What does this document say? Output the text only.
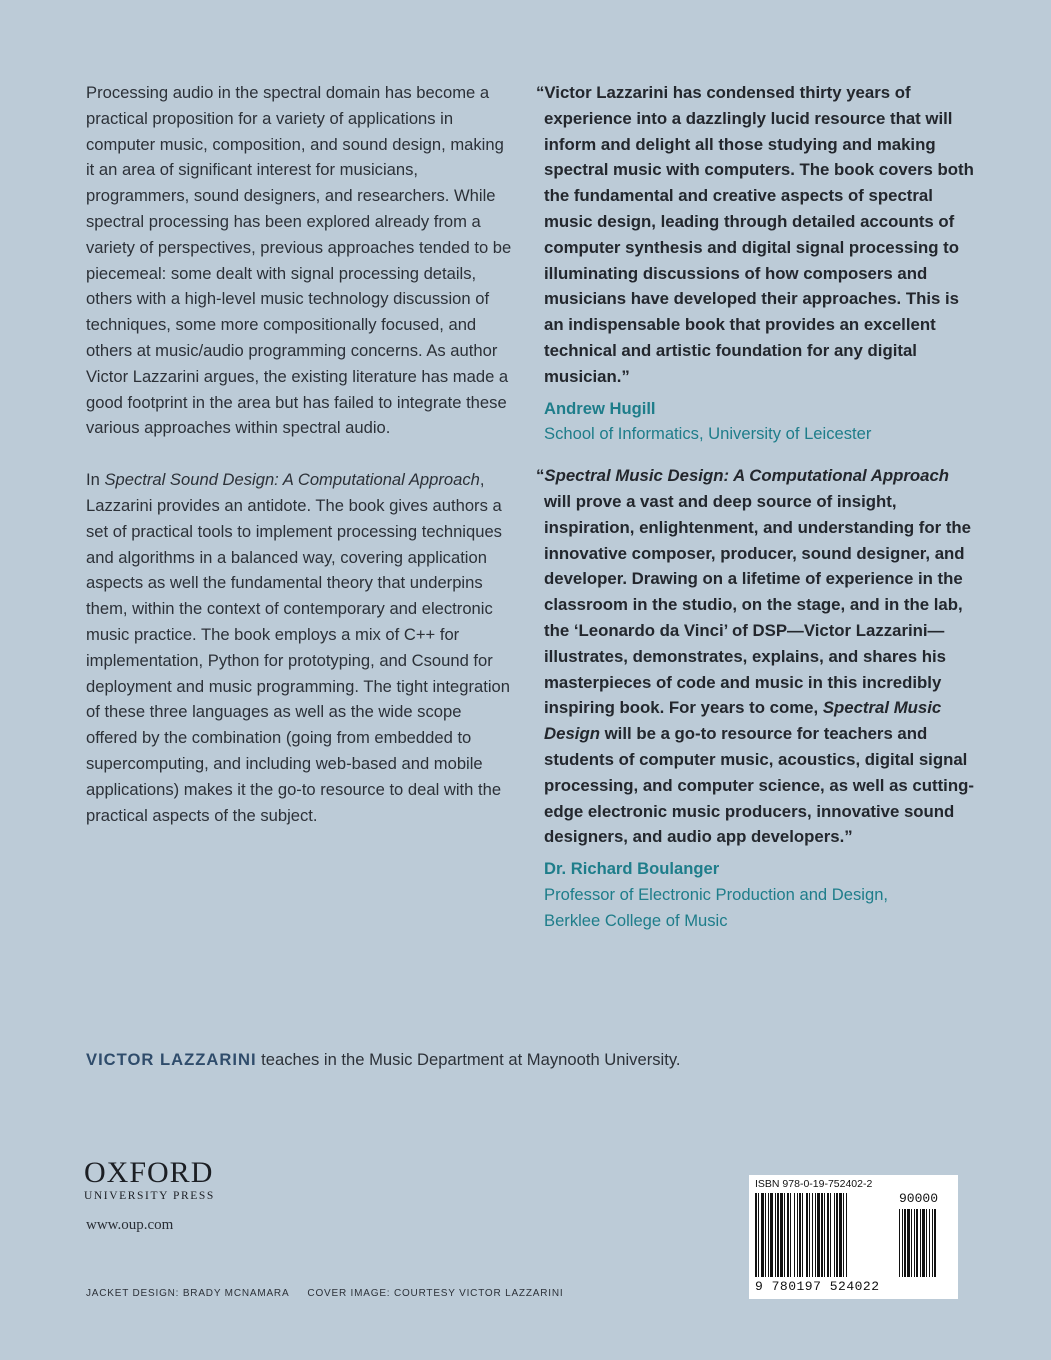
Processing audio in the spectral domain has become a practical proposition for a variety of applications in computer music, composition, and sound design, making it an area of significant interest for musicians, programmers, sound designers, and researchers. While spectral processing has been explored already from a variety of perspectives, previous approaches tended to be piecemeal: some dealt with signal processing details, others with a high-level music technology discussion of techniques, some more compositionally focused, and others at music/audio programming concerns. As author Victor Lazzarini argues, the existing literature has made a good footprint in the area but has failed to integrate these various approaches within spectral audio.

In Spectral Sound Design: A Computational Approach, Lazzarini provides an antidote. The book gives authors a set of practical tools to implement processing techniques and algorithms in a balanced way, covering application aspects as well the fundamental theory that underpins them, within the context of contemporary and electronic music practice. The book employs a mix of C++ for implementation, Python for prototyping, and Csound for deployment and music programming. The tight integration of these three languages as well as the wide scope offered by the combination (going from embedded to supercomputing, and including web-based and mobile applications) makes it the go-to resource to deal with the practical aspects of the subject.

“Victor Lazzarini has condensed thirty years of experience into a dazzlingly lucid resource that will inform and delight all those studying and making spectral music with computers. The book covers both the fundamental and creative aspects of spectral music design, leading through detailed accounts of computer synthesis and digital signal processing to illuminating discussions of how composers and musicians have developed their approaches. This is an indispensable book that provides an excellent technical and artistic foundation for any digital musician.”

Andrew Hugill
School of Informatics, University of Leicester

“Spectral Music Design: A Computational Approach will prove a vast and deep source of insight, inspiration, enlightenment, and understanding for the innovative composer, producer, sound designer, and developer. Drawing on a lifetime of experience in the classroom in the studio, on the stage, and in the lab, the ‘Leonardo da Vinci’ of DSP—Victor Lazzarini—illustrates, demonstrates, explains, and shares his masterpieces of code and music in this incredibly inspiring book. For years to come, Spectral Music Design will be a go-to resource for teachers and students of computer music, acoustics, digital signal processing, and computer science, as well as cutting-edge electronic music producers, innovative sound designers, and audio app developers.”

Dr. Richard Boulanger
Professor of Electronic Production and Design,
Berklee College of Music
VICTOR LAZZARINI teaches in the Music Department at Maynooth University.
OXFORD
UNIVERSITY PRESS
www.oup.com
JACKET DESIGN: BRADY MCNAMARA COVER IMAGE: COURTESY VICTOR LAZZARINI
ISBN 978-0-19-752402-2
90000
9 780197 524022
